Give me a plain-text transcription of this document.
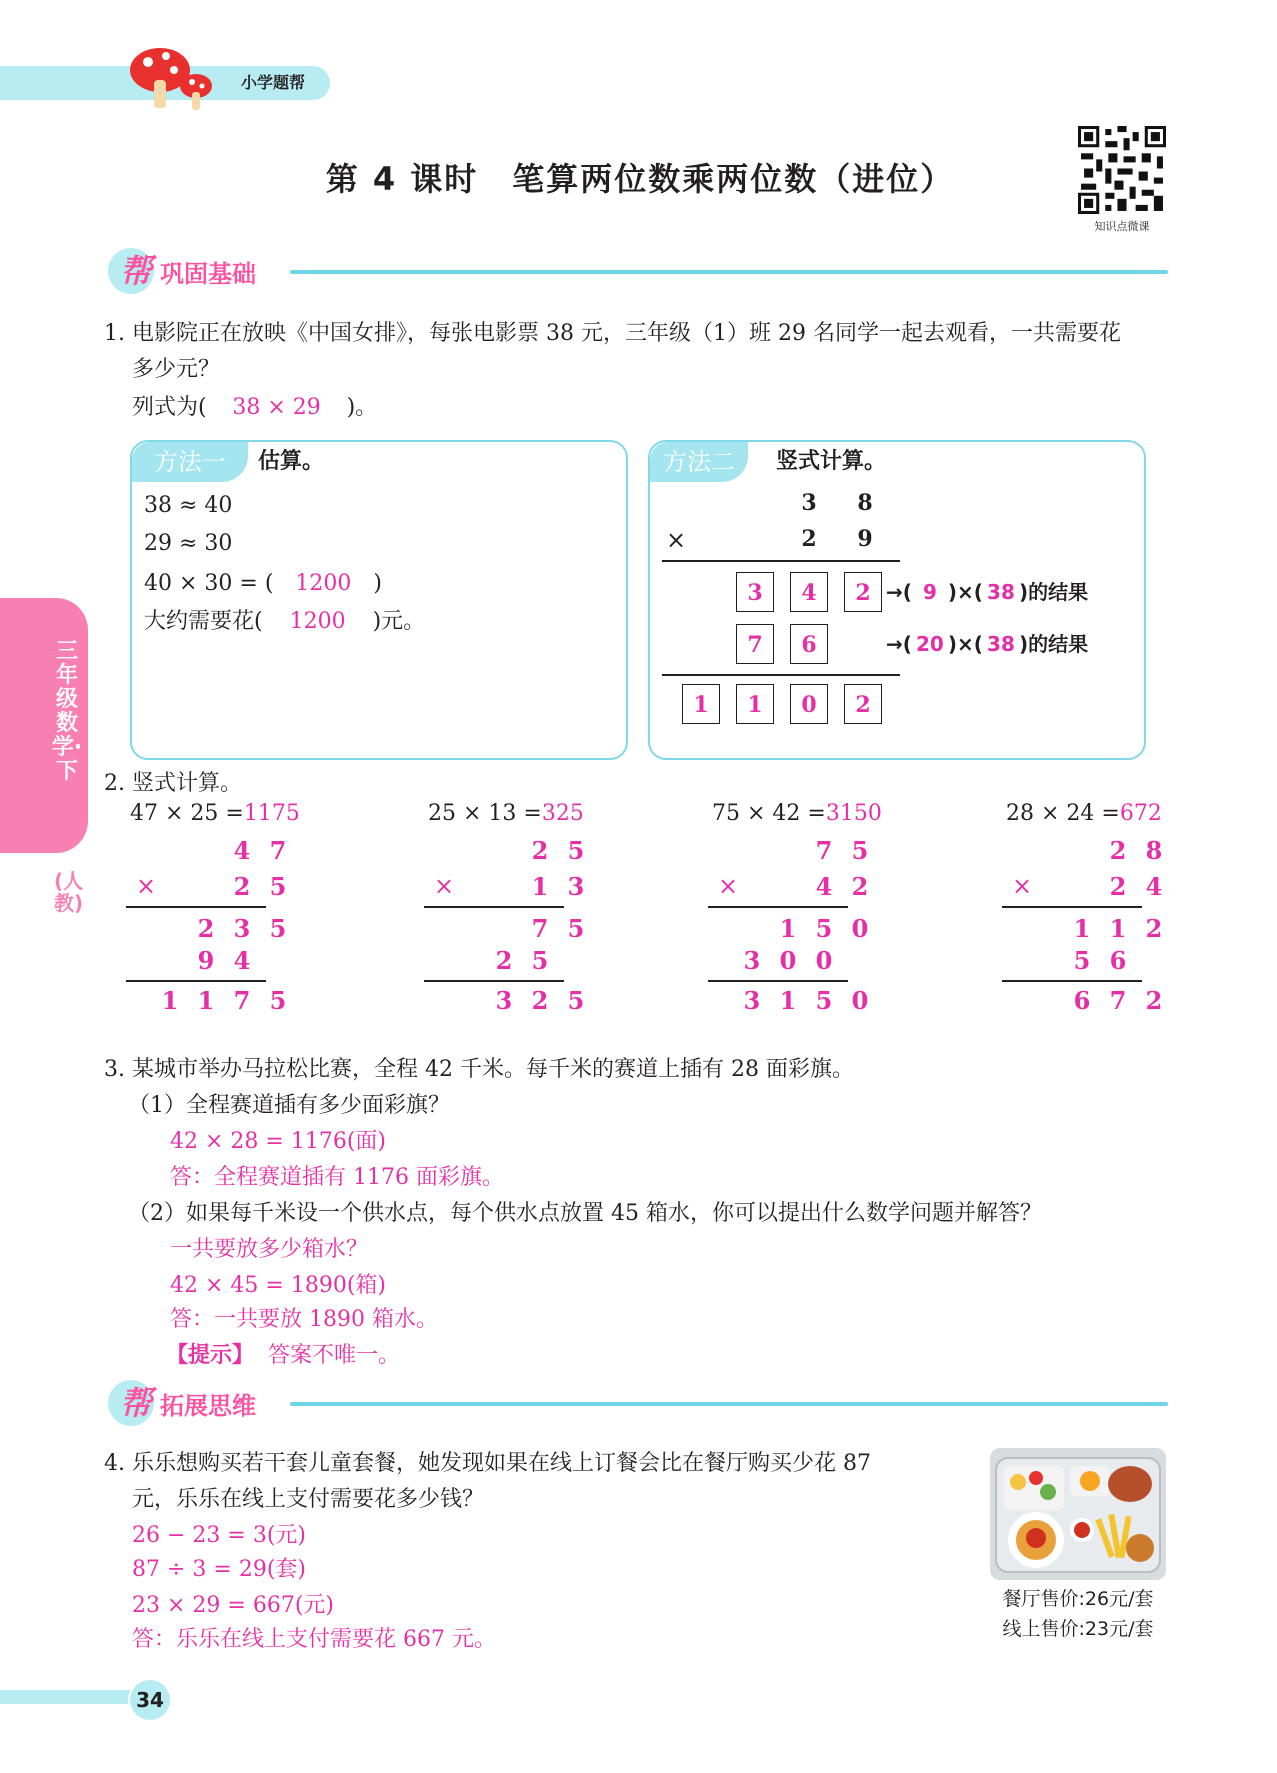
小学题帮
第 4 课时　笔算两位数乘两位数（进位）
知识点微课
帮 巩固基础
三年级数学·下
(人教)
1. 电影院正在放映《中国女排》，每张电影票 38 元，三年级（1）班 29 名同学一起去观看，一共需要花
多少元？
列式为( 38 × 29 )。
方法一	估算。
38 ≈ 40
29 ≈ 30
40 × 30 = ( 1200 )
大约需要花( 1200 )元。
方法二	竖式计算。
3	8
×	2	9
3	4	2 →( 9 )×( 38 )的结果
7	6	→( 20 )×( 38 )的结果
1	1	0	2
2. 竖式计算。
47 × 25 =1175
4 7
×	2 5
2 3 5
9 4
1 1 7 5
25 × 13 =325
2 5
×	1 3
7 5
2 5
3 2 5
75 × 42 =3150
7 5
×	4 2
1 5 0
3 0 0
3 1 5 0
28 × 24 =672
2 8
×	2 4
1 1 2
5 6
6 7 2
3. 某城市举办马拉松比赛，全程 42 千米。每千米的赛道上插有 28 面彩旗。
（1）全程赛道插有多少面彩旗？
42 × 28 = 1176(面)
答：全程赛道插有 1176 面彩旗。
（2）如果每千米设一个供水点，每个供水点放置 45 箱水，你可以提出什么数学问题并解答？
一共要放多少箱水？
42 × 45 = 1890(箱)
答：一共要放 1890 箱水。
【提示】 答案不唯一。
帮 拓展思维
4. 乐乐想购买若干套儿童套餐，她发现如果在线上订餐会比在餐厅购买少花 87
元，乐乐在线上支付需要花多少钱？
26 − 23 = 3(元)
87 ÷ 3 = 29(套)
23 × 29 = 667(元)
答：乐乐在线上支付需要花 667 元。
餐厅售价:26元/套
线上售价:23元/套
34
